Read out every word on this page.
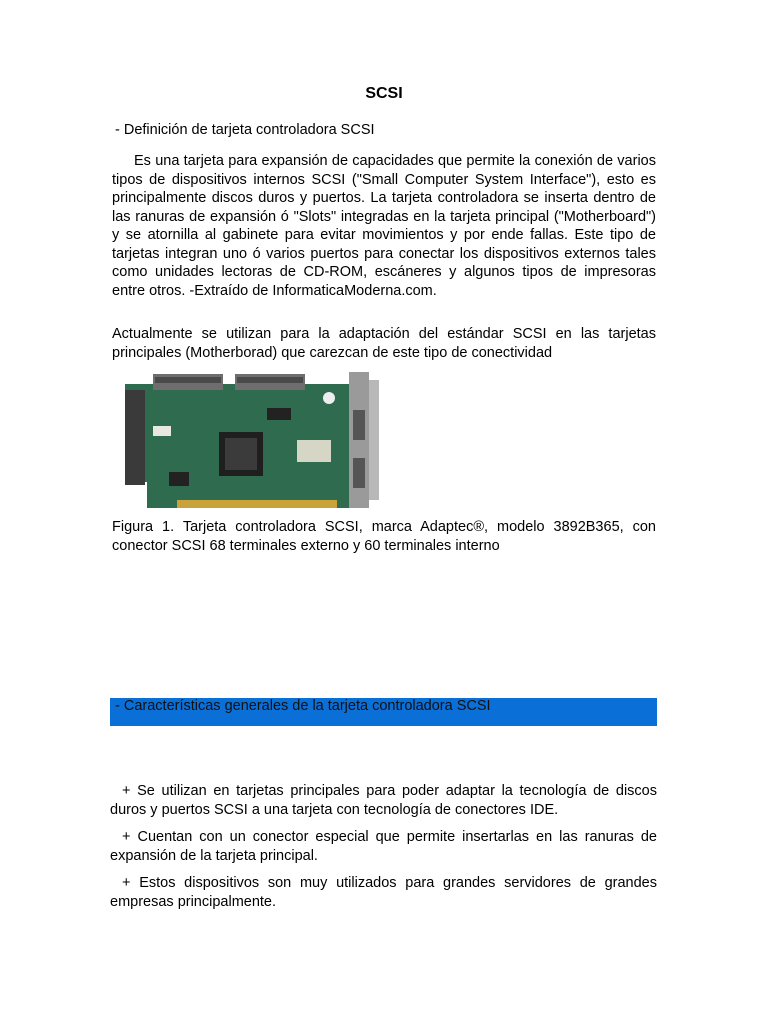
SCSI
- Definición de tarjeta controladora SCSI

Es una tarjeta para expansión de capacidades que permite la conexión de varios tipos de dispositivos internos SCSI ("Small Computer System Interface"), esto es principalmente discos duros y puertos. La tarjeta controladora se inserta dentro de las ranuras de expansión ó "Slots" integradas en la tarjeta principal ("Motherboard") y se atornilla al gabinete para evitar movimientos y por ende fallas. Este tipo de tarjetas integran uno ó varios puertos para conectar los dispositivos externos tales como unidades lectoras de CD-ROM, escáneres y algunos tipos de impresoras entre otros. -Extraído de InformaticaModerna.com.

Actualmente se utilizan para la adaptación del estándar SCSI en las tarjetas principales (Motherborad) que carezcan de este tipo de conectividad

Figura 1. Tarjeta controladora SCSI, marca Adaptec®, modelo 3892B365, con conector SCSI 68 terminales externo y 60 terminales interno

- Características generales de la tarjeta controladora SCSI

+ Se utilizan en tarjetas principales para poder adaptar la tecnología de discos duros y puertos SCSI a una tarjeta con tecnología de conectores IDE.

+ Cuentan con un conector especial que permite insertarlas en las ranuras de expansión de la tarjeta principal.

+ Estos dispositivos son muy utilizados para grandes servidores de grandes empresas principalmente.
